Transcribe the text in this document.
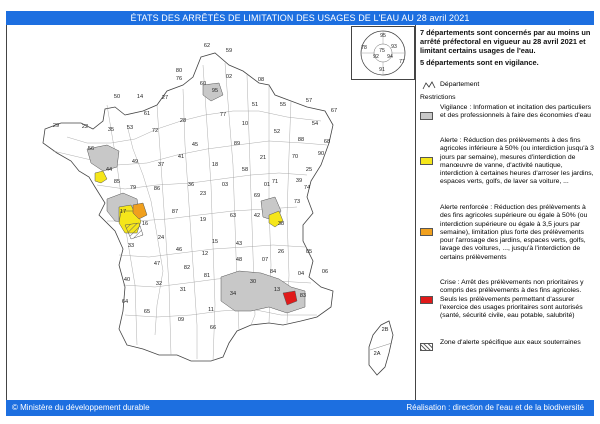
ÉTATS DES ARRÊTÉS DE LIMITATION DES USAGES DE L'EAU AU 28 avril 2021
62
59
80
02	08
76
27
60
95
57
55
51
67
50	14
61
28
77
10
52
54
88	68
29	22	35 53	72
45	89
21	70	90
25
56
44
49	37
41
18
58
71	39
86
36	03	01	74
85
79
23	69
73
17
16
87
19
63	42
38
24
15	43
26	05
33
46
12
48	07
84	04	06
47
82
81
30
13
83
40
32
31
34
64
65
09
11
66
2A
2B
95
78	93
75
92 94
91
77
7 départements sont concernés par au moins un arrêté préfectoral en vigueur au 28 avril 2021 et limitant certains usages de l'eau.
5 départements sont en vigilance.
Département
Restrictions
Vigilance : Information et incitation des particuliers et des professionnels à faire des économies d'eau
Alerte : Réduction des prélèvements à des fins agricoles inférieure à 50% (ou interdiction jusqu'à 3 jours par semaine), mesures d'interdiction de manœuvre de vanne, d'activité nautique, interdiction à certaines heures d'arroser les jardins, espaces verts, golfs, de laver sa voiture, ...
Alerte renforcée : Réduction des prélèvements à des fins agricoles supérieure ou égale à 50% (ou interdiction supérieure ou égale à 3,5 jours par semaine), limitation plus forte des prélèvements pour l'arrosage des jardins, espaces verts, golfs, lavage des voitures, ..., jusqu'à l'interdiction de certains prélèvements
Crise : Arrêt des prélèvements non prioritaires y compris des prélèvements à des fins agricoles. Seuls les prélèvements permettant d'assurer l'exercice des usages prioritaires sont autorisés (santé, sécurité civile, eau potable, salubrité)
Zone d'alerte spécifique aux eaux souterraines
© Ministère du développement durable	Réalisation : direction de l'eau et de la biodiversité
